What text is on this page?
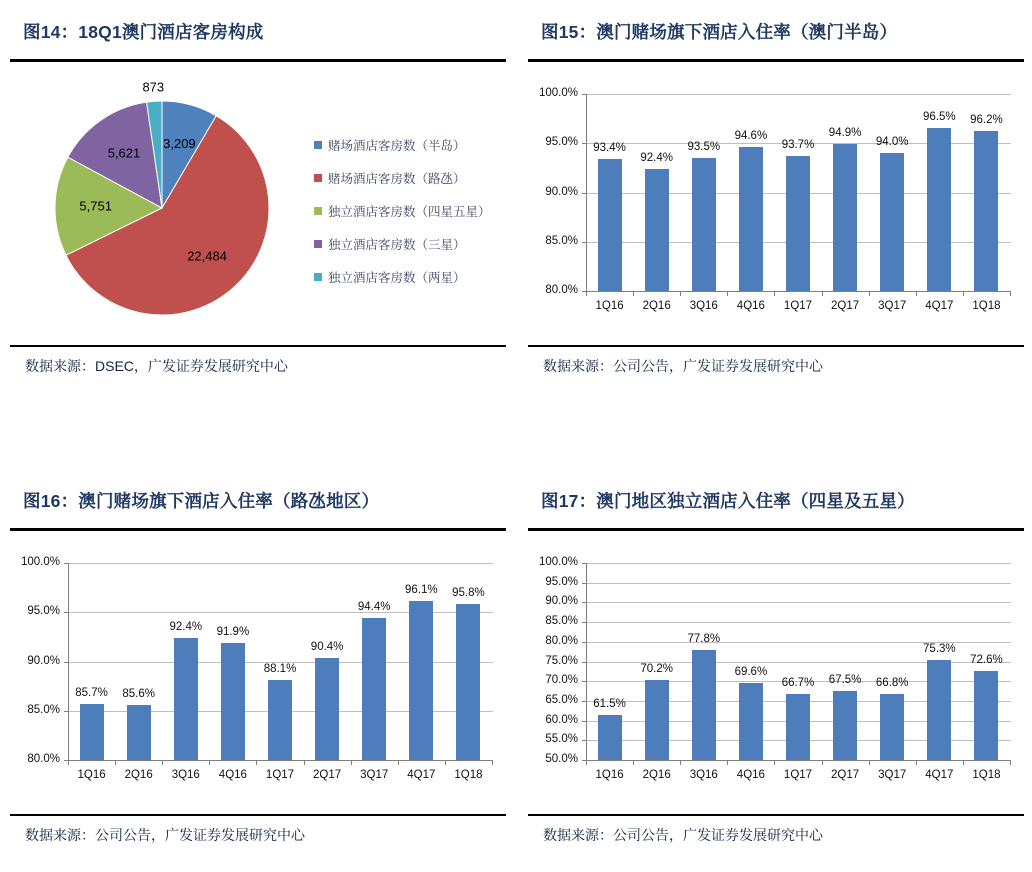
图14：18Q1澳门酒店客房构成
3,209
22,484
5,751
5,621
873
赌场酒店客房数（半岛）
赌场酒店客房数（路氹）
独立酒店客房数（四星五星）
独立酒店客房数（三星）
独立酒店客房数（两星）

数据来源：DSEC，广发证券发展研究中心

图15：澳门赌场旗下酒店入住率（澳门半岛）
100.0%
95.0%
90.0%
85.0%
80.0%
93.4%
1Q16
92.4%
2Q16
93.5%
3Q16
94.6%
4Q16
93.7%
1Q17
94.9%
2Q17
94.0%
3Q17
96.5%
4Q17
96.2%
1Q18

数据来源：公司公告，广发证券发展研究中心

图16：澳门赌场旗下酒店入住率（路氹地区）
100.0%
95.0%
90.0%
85.0%
80.0%
85.7%
1Q16
85.6%
2Q16
92.4%
3Q16
91.9%
4Q16
88.1%
1Q17
90.4%
2Q17
94.4%
3Q17
96.1%
4Q17
95.8%
1Q18

数据来源：公司公告，广发证券发展研究中心

图17：澳门地区独立酒店入住率（四星及五星）
100.0%
95.0%
90.0%
85.0%
80.0%
75.0%
70.0%
65.0%
60.0%
55.0%
50.0%
61.5%
1Q16
70.2%
2Q16
77.8%
3Q16
69.6%
4Q16
66.7%
1Q17
67.5%
2Q17
66.8%
3Q17
75.3%
4Q17
72.6%
1Q18

数据来源：公司公告，广发证券发展研究中心
